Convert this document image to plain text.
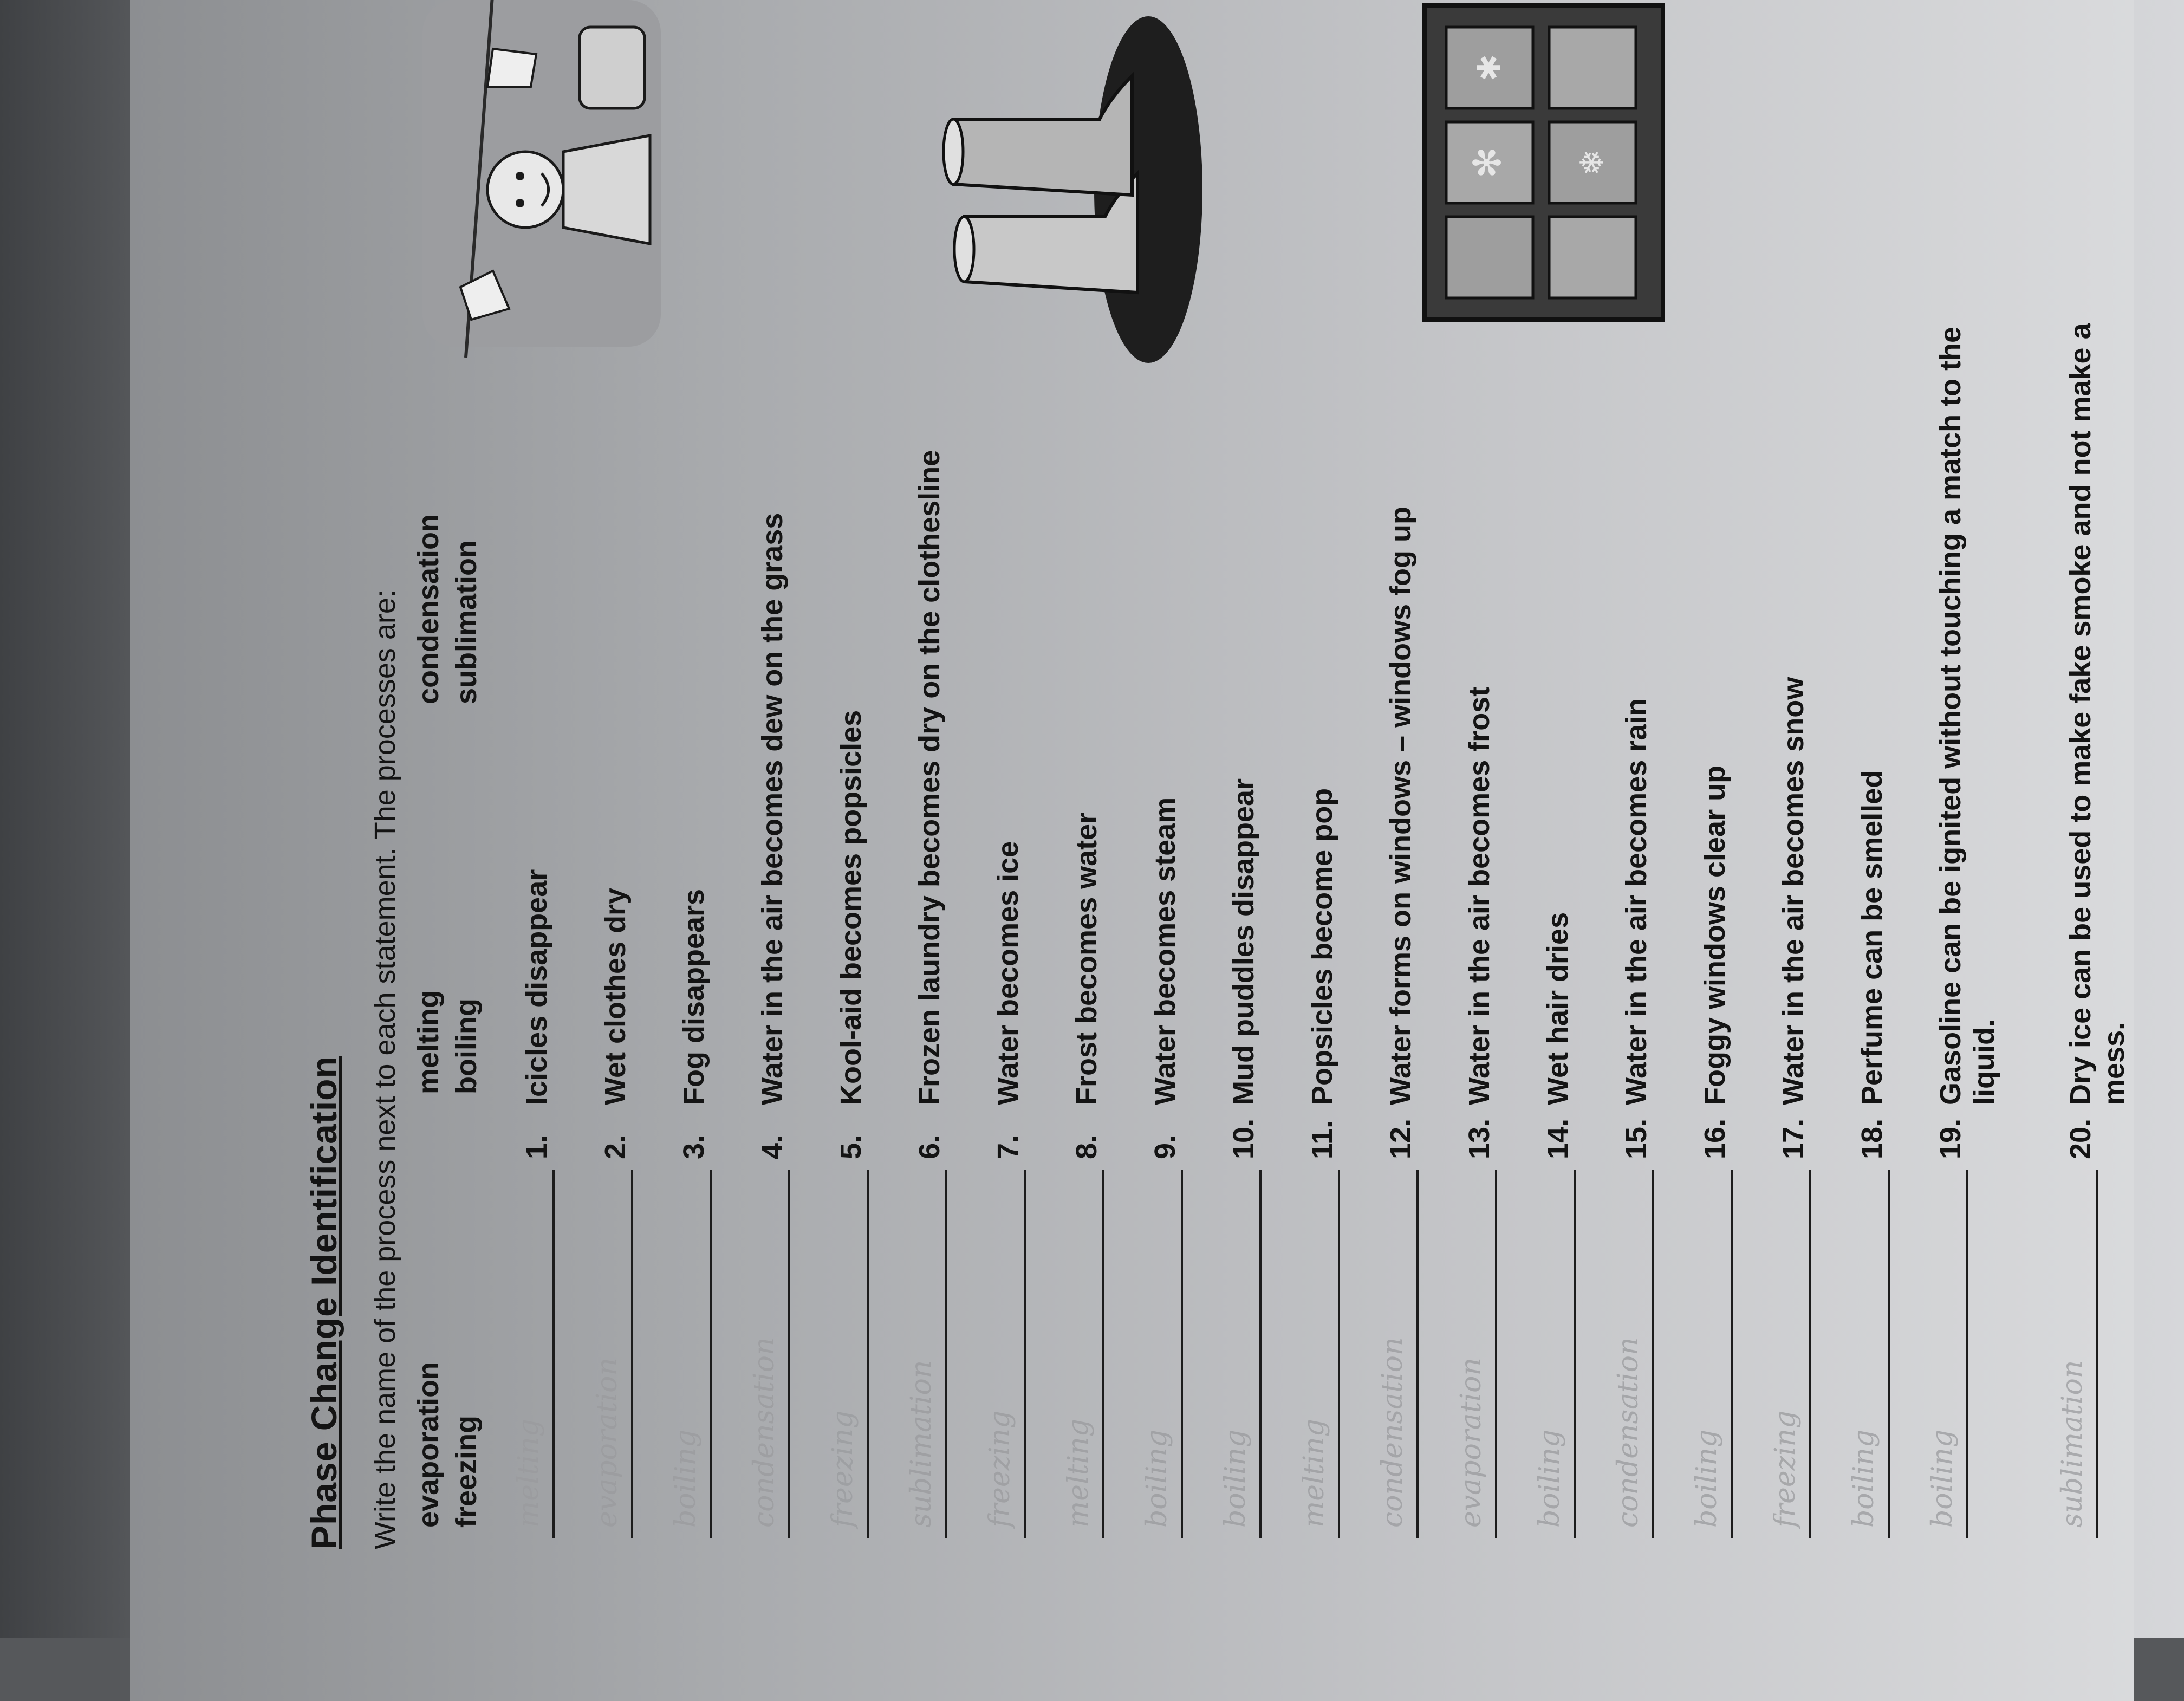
Phase Change Identification Write the name of the process next to each statement. The processes are: evaporation
melting
condensation
freezing
boiling
sublimation
melting
1.
Icicles disappear
evaporation
2.
Wet clothes dry
boiling
3.
Fog disappears
condensation
4.
Water in the air becomes dew on the grass
freezing
5.
Kool-aid becomes popsicles
sublimation
6.
Frozen laundry becomes dry on the clothesline
freezing
7.
Water becomes ice
melting
8.
Frost becomes water
boiling
9.
Water becomes steam
boiling
10.
Mud puddles disappear
melting
11.
Popsicles become pop
condensation
12.
Water forms on windows – windows fog up
evaporation
13.
Water in the air becomes frost
boiling
14.
Wet hair dries
condensation
15.
Water in the air becomes rain
boiling
16.
Foggy windows clear up
freezing
17.
Water in the air becomes snow
boiling
18.
Perfume can be smelled
boiling
19.
Gasoline can be ignited without touching a match to the liquid.
sublimation
20.
Dry ice can be used to make fake smoke and not make a mess.
✻
✱
❄
